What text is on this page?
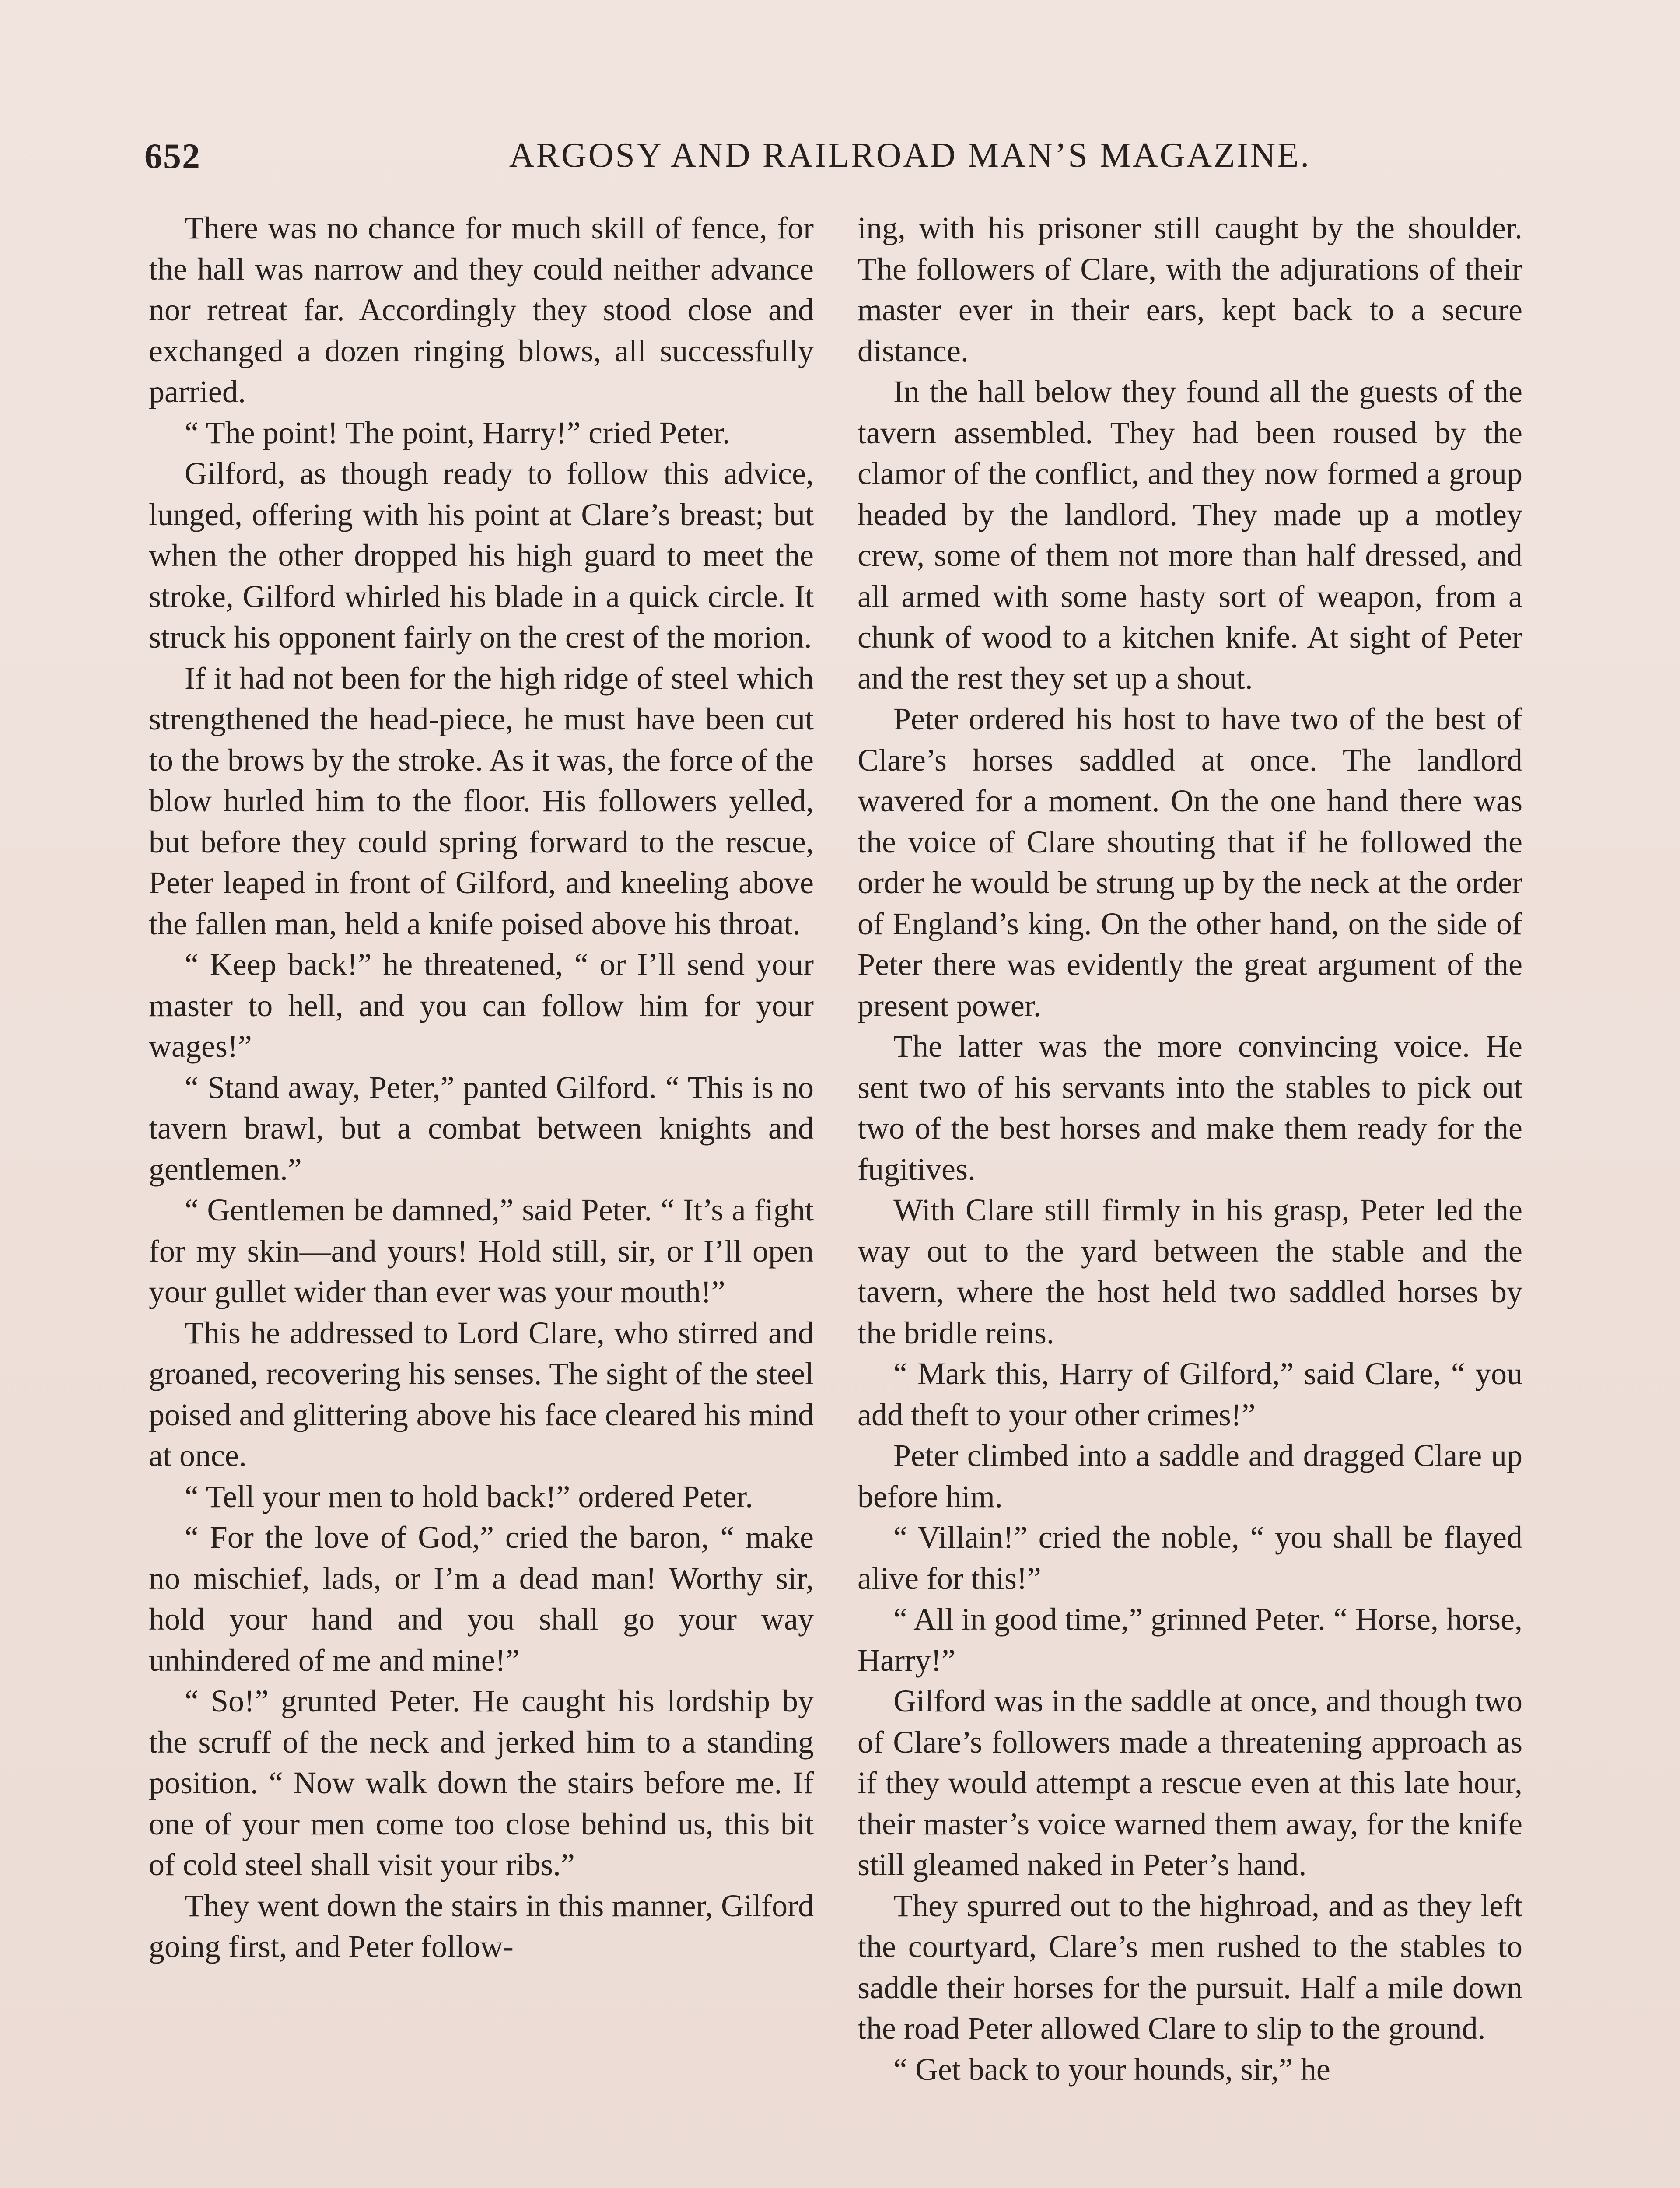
652	ARGOSY AND RAILROAD MAN’S MAGAZINE.

There was no chance for much skill of fence, for the hall was narrow and they could neither advance nor retreat far. Accordingly they stood close and exchanged a dozen ringing blows, all successfully parried.

“ The point! The point, Harry!” cried Peter.

Gilford, as though ready to follow this advice, lunged, offering with his point at Clare’s breast; but when the other dropped his high guard to meet the stroke, Gilford whirled his blade in a quick circle. It struck his opponent fairly on the crest of the morion.

If it had not been for the high ridge of steel which strengthened the head-piece, he must have been cut to the brows by the stroke. As it was, the force of the blow hurled him to the floor. His followers yelled, but before they could spring forward to the rescue, Peter leaped in front of Gilford, and kneeling above the fallen man, held a knife poised above his throat.

“ Keep back!” he threatened, “ or I’ll send your master to hell, and you can follow him for your wages!”

“ Stand away, Peter,” panted Gilford. “ This is no tavern brawl, but a combat between knights and gentlemen.”

“ Gentlemen be damned,” said Peter. “ It’s a fight for my skin—and yours! Hold still, sir, or I’ll open your gullet wider than ever was your mouth!”

This he addressed to Lord Clare, who stirred and groaned, recovering his senses. The sight of the steel poised and glittering above his face cleared his mind at once.

“ Tell your men to hold back!” ordered Peter.

“ For the love of God,” cried the baron, “ make no mischief, lads, or I’m a dead man! Worthy sir, hold your hand and you shall go your way unhindered of me and mine!”

“ So!” grunted Peter. He caught his lordship by the scruff of the neck and jerked him to a standing position. “ Now walk down the stairs before me. If one of your men come too close behind us, this bit of cold steel shall visit your ribs.”

They went down the stairs in this manner, Gilford going first, and Peter follow-

ing, with his prisoner still caught by the shoulder. The followers of Clare, with the adjurations of their master ever in their ears, kept back to a secure distance.

In the hall below they found all the guests of the tavern assembled. They had been roused by the clamor of the conflict, and they now formed a group headed by the landlord. They made up a motley crew, some of them not more than half dressed, and all armed with some hasty sort of weapon, from a chunk of wood to a kitchen knife. At sight of Peter and the rest they set up a shout.

Peter ordered his host to have two of the best of Clare’s horses saddled at once. The landlord wavered for a moment. On the one hand there was the voice of Clare shouting that if he followed the order he would be strung up by the neck at the order of England’s king. On the other hand, on the side of Peter there was evidently the great argument of the present power.

The latter was the more convincing voice. He sent two of his servants into the stables to pick out two of the best horses and make them ready for the fugitives.

With Clare still firmly in his grasp, Peter led the way out to the yard between the stable and the tavern, where the host held two saddled horses by the bridle reins.

“ Mark this, Harry of Gilford,” said Clare, “ you add theft to your other crimes!”

Peter climbed into a saddle and dragged Clare up before him.

“ Villain!” cried the noble, “ you shall be flayed alive for this!”

“ All in good time,” grinned Peter. “ Horse, horse, Harry!”

Gilford was in the saddle at once, and though two of Clare’s followers made a threatening approach as if they would attempt a rescue even at this late hour, their master’s voice warned them away, for the knife still gleamed naked in Peter’s hand.

They spurred out to the highroad, and as they left the courtyard, Clare’s men rushed to the stables to saddle their horses for the pursuit. Half a mile down the road Peter allowed Clare to slip to the ground.

“ Get back to your hounds, sir,” he
